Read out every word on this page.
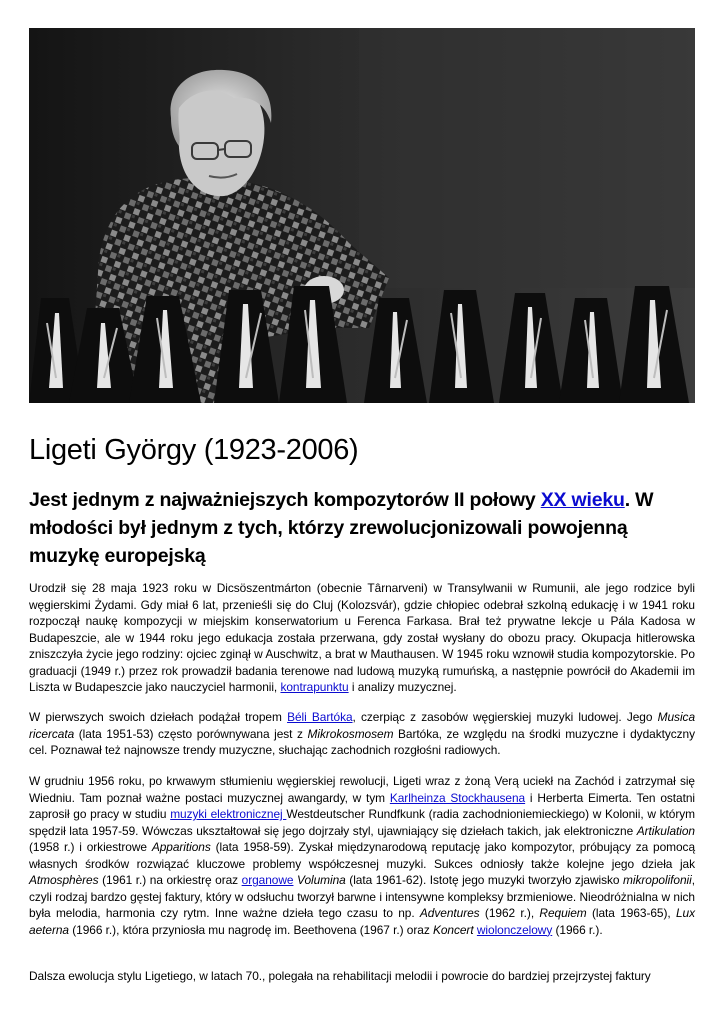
Ligeti György (1923-2006)

Jest jednym z najważniejszych kompozytorów II połowy XX wieku. W młodości był jednym z tych, którzy zrewolucjonizowali powojenną muzykę europejską

Urodził się 28 maja 1923 roku w Dicsöszentmárton (obecnie Târnarveni) w Transylwanii w Rumunii, ale jego rodzice byli węgierskimi Żydami. Gdy miał 6 lat, przenieśli się do Cluj (Kolozsvár), gdzie chłopiec odebrał szkolną edukację i w 1941 roku rozpoczął naukę kompozycji w miejskim konserwatorium u Ferenca Farkasa. Brał też prywatne lekcje u Pála Kadosa w Budapeszcie, ale w 1944 roku jego edukacja została przerwana, gdy został wysłany do obozu pracy. Okupacja hitlerowska zniszczyła życie jego rodziny: ojciec zginął w Auschwitz, a brat w Mauthausen. W 1945 roku wznowił studia kompozytorskie. Po graduacji (1949 r.) przez rok prowadził badania terenowe nad ludową muzyką rumuńską, a następnie powrócił do Akademii im Liszta w Budapeszcie jako nauczyciel harmonii, kontrapunktu i analizy muzycznej.

W pierwszych swoich dziełach podążał tropem Béli Bartóka, czerpiąc z zasobów węgierskiej muzyki ludowej. Jego Musica ricercata (lata 1951-53) często porównywana jest z Mikrokosmosem Bartóka, ze względu na środki muzyczne i dydaktyczny cel. Poznawał też najnowsze trendy muzyczne, słuchając zachodnich rozgłośni radiowych.

W grudniu 1956 roku, po krwawym stłumieniu węgierskiej rewolucji, Ligeti wraz z żoną Verą uciekł na Zachód i zatrzymał się Wiedniu. Tam poznał ważne postaci muzycznej awangardy, w tym Karlheinza Stockhausena i Herberta Eimerta. Ten ostatni zaprosił go pracy w studiu muzyki elektronicznej Westdeutscher Rundfkunk (radia zachodnioniemieckiego) w Kolonii, w którym spędził lata 1957-59. Wówczas ukształtował się jego dojrzały styl, ujawniający się dziełach takich, jak elektroniczne Artikulation (1958 r.) i orkiestrowe Apparitions (lata 1958-59). Zyskał międzynarodową reputację jako kompozytor, próbujący za pomocą własnych środków rozwiązać kluczowe problemy współczesnej muzyki. Sukces odniosły także kolejne jego dzieła jak Atmosphères (1961 r.) na orkiestrę oraz organowe Volumina (lata 1961-62). Istotę jego muzyki tworzyło zjawisko mikropolifonii, czyli rodzaj bardzo gęstej faktury, który w odsłuchu tworzył barwne i intensywne kompleksy brzmieniowe. Nieodróżnialna w nich była melodia, harmonia czy rytm. Inne ważne dzieła tego czasu to np. Adventures (1962 r.), Requiem (lata 1963-65), Lux aeterna (1966 r.), która przyniosła mu nagrodę im. Beethovena (1967 r.) oraz Koncert wiolonczelowy (1966 r.).

Dalsza ewolucja stylu Ligetiego, w latach 70., polegała na rehabilitacji melodii i powrocie do bardziej przejrzystej faktury
